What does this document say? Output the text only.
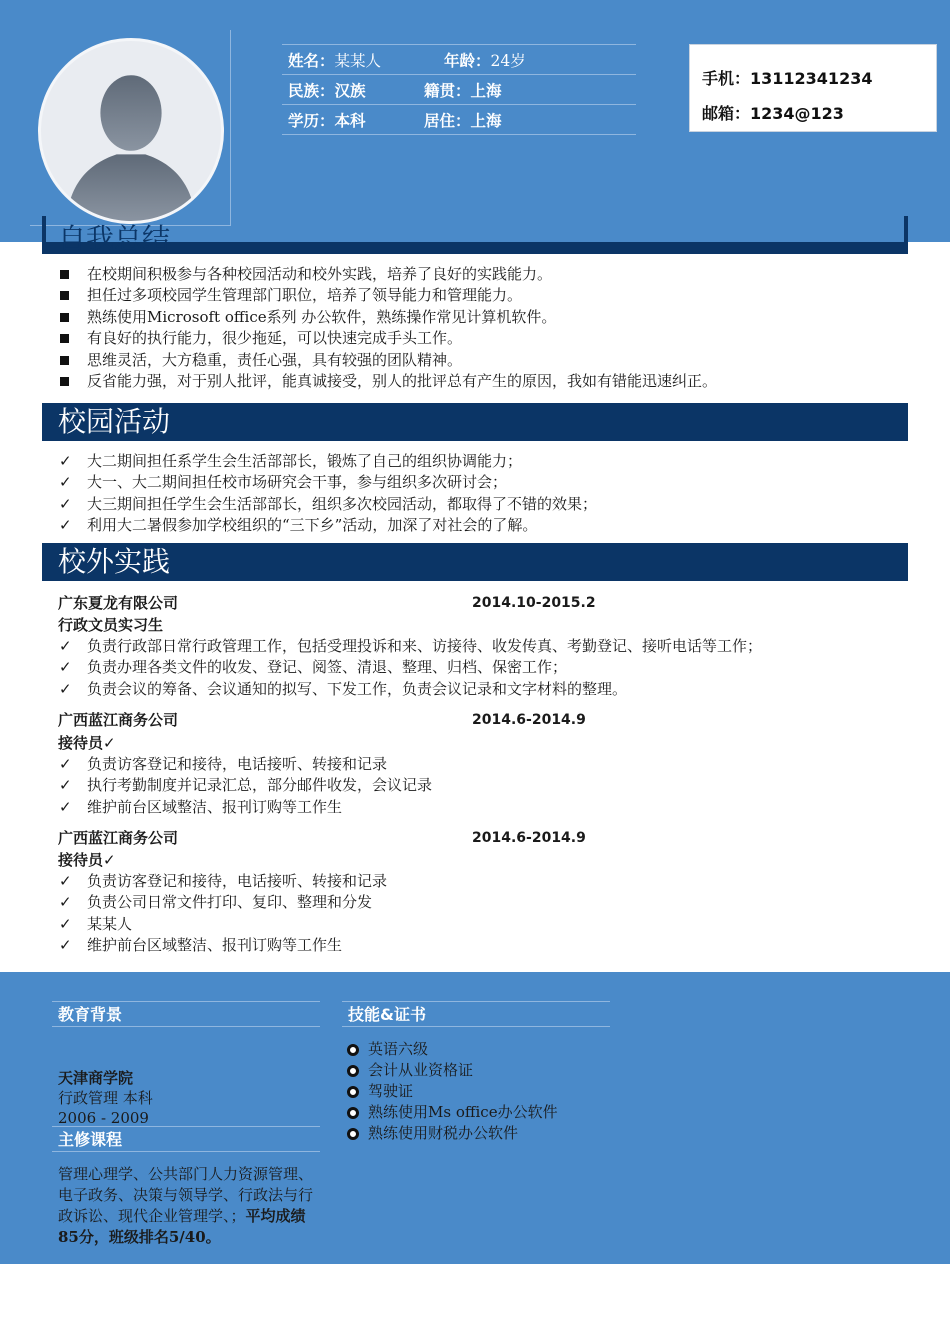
姓名：某某人	年龄：24岁
民族：汉族	籍贯：上海
学历：本科	居住：上海
手机：13112341234
邮箱：1234@123
自我总结
在校期间积极参与各种校园活动和校外实践，培养了良好的实践能力。
担任过多项校园学生管理部门职位，培养了领导能力和管理能力。
熟练使用Microsoft office系列 办公软件，熟练操作常见计算机软件。
有良好的执行能力，很少拖延，可以快速完成手头工作。
思维灵活，大方稳重，责任心强，具有较强的团队精神。
反省能力强，对于别人批评，能真诚接受，别人的批评总有产生的原因，我如有错能迅速纠正。
校园活动
✓ 大二期间担任系学生会生活部部长，锻炼了自己的组织协调能力；
✓ 大一、大二期间担任校市场研究会干事，参与组织多次研讨会；
✓ 大三期间担任学生会生活部部长，组织多次校园活动，都取得了不错的效果；
✓ 利用大二暑假参加学校组织的“三下乡”活动，加深了对社会的了解。
校外实践
广东夏龙有限公司	2014.10-2015.2
行政文员实习生
✓ 负责行政部日常行政管理工作，包括受理投诉和来、访接待、收发传真、考勤登记、接听电话等工作；
✓ 负责办理各类文件的收发、登记、阅签、清退、整理、归档、保密工作；
✓ 负责会议的筹备、会议通知的拟写、下发工作，负责会议记录和文字材料的整理。
广西蓝江商务公司	2014.6-2014.9
接待员✓
✓ 负责访客登记和接待，电话接听、转接和记录
✓ 执行考勤制度并记录汇总，部分邮件收发，会议记录
✓ 维护前台区域整洁、报刊订购等工作生
广西蓝江商务公司	2014.6-2014.9
接待员✓
✓ 负责访客登记和接待，电话接听、转接和记录
✓ 负责公司日常文件打印、复印、整理和分发
✓ 某某人
✓ 维护前台区域整洁、报刊订购等工作生
教育背景	技能&证书
天津商学院
行政管理 本科
2006 - 2009
主修课程
管理心理学、公共部门人力资源管理、电子政务、决策与领导学、行政法与行政诉讼、现代企业管理学、；平均成绩85分，班级排名5/40。
英语六级
会计从业资格证
驾驶证
熟练使用Ms office办公软件
熟练使用财税办公软件
